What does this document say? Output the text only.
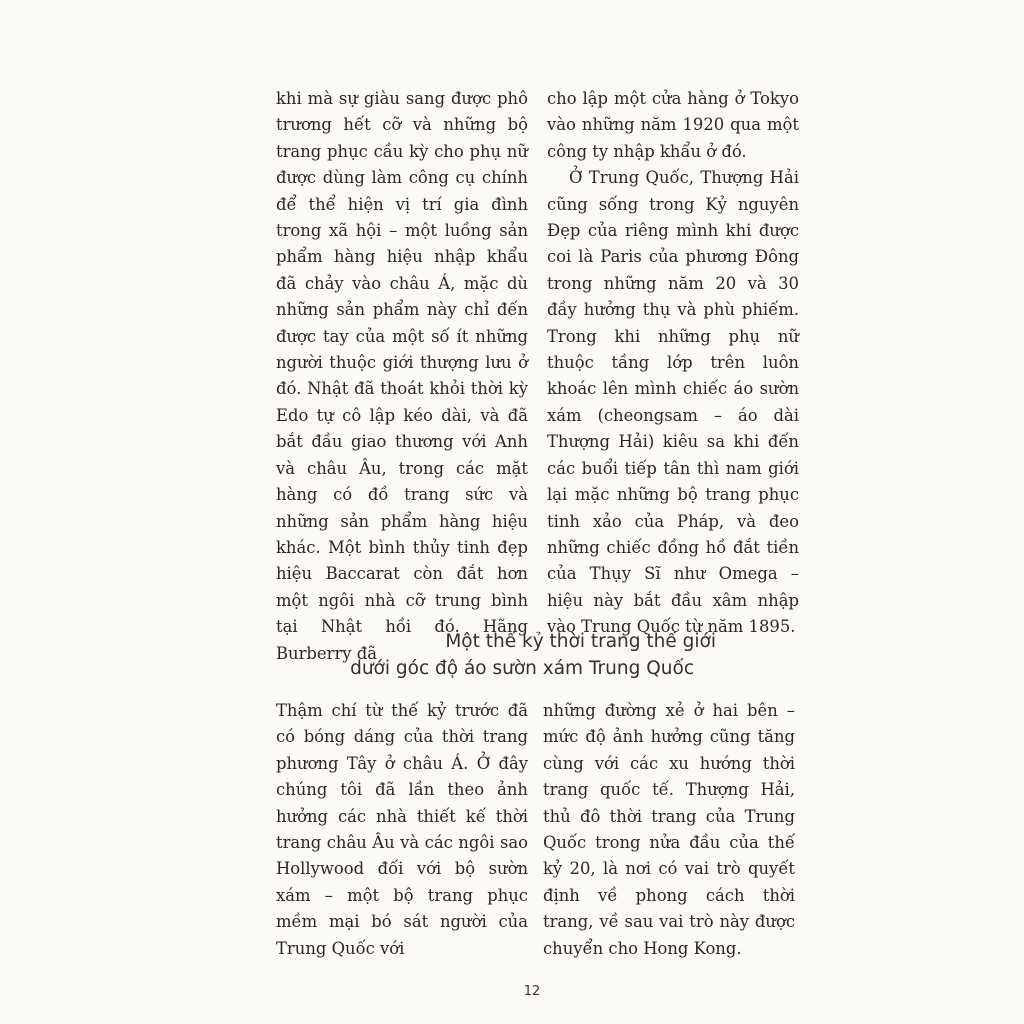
khi mà sự giàu sang được phô trương hết cỡ và những bộ trang phục cầu kỳ cho phụ nữ được dùng làm công cụ chính để thể hiện vị trí gia đình trong xã hội – một luồng sản phẩm hàng hiệu nhập khẩu đã chảy vào châu Á, mặc dù những sản phẩm này chỉ đến được tay của một số ít những người thuộc giới thượng lưu ở đó. Nhật đã thoát khỏi thời kỳ Edo tự cô lập kéo dài, và đã bắt đầu giao thương với Anh và châu Âu, trong các mặt hàng có đồ trang sức và những sản phẩm hàng hiệu khác. Một bình thủy tinh đẹp hiệu Baccarat còn đắt hơn một ngôi nhà cỡ trung bình tại Nhật hồi đó. Hãng Burberry đã

cho lập một cửa hàng ở Tokyo vào những năm 1920 qua một công ty nhập khẩu ở đó.

Ở Trung Quốc, Thượng Hải cũng sống trong Kỷ nguyên Đẹp của riêng mình khi được coi là Paris của phương Đông trong những năm 20 và 30 đầy hưởng thụ và phù phiếm. Trong khi những phụ nữ thuộc tầng lớp trên luôn khoác lên mình chiếc áo sườn xám (cheongsam – áo dài Thượng Hải) kiêu sa khi đến các buổi tiếp tân thì nam giới lại mặc những bộ trang phục tinh xảo của Pháp, và đeo những chiếc đồng hồ đắt tiền của Thụy Sĩ như Omega – hiệu này bắt đầu xâm nhập vào Trung Quốc từ năm 1895.

Một thế kỷ thời trang thế giới
dưới góc độ áo sườn xám Trung Quốc

Thậm chí từ thế kỷ trước đã có bóng dáng của thời trang phương Tây ở châu Á. Ở đây chúng tôi đã lần theo ảnh hưởng các nhà thiết kế thời trang châu Âu và các ngôi sao Hollywood đối với bộ sườn xám – một bộ trang phục mềm mại bó sát người của Trung Quốc với

những đường xẻ ở hai bên – mức độ ảnh hưởng cũng tăng cùng với các xu hướng thời trang quốc tế. Thượng Hải, thủ đô thời trang của Trung Quốc trong nửa đầu của thế kỷ 20, là nơi có vai trò quyết định về phong cách thời trang, về sau vai trò này được chuyển cho Hong Kong.

12
